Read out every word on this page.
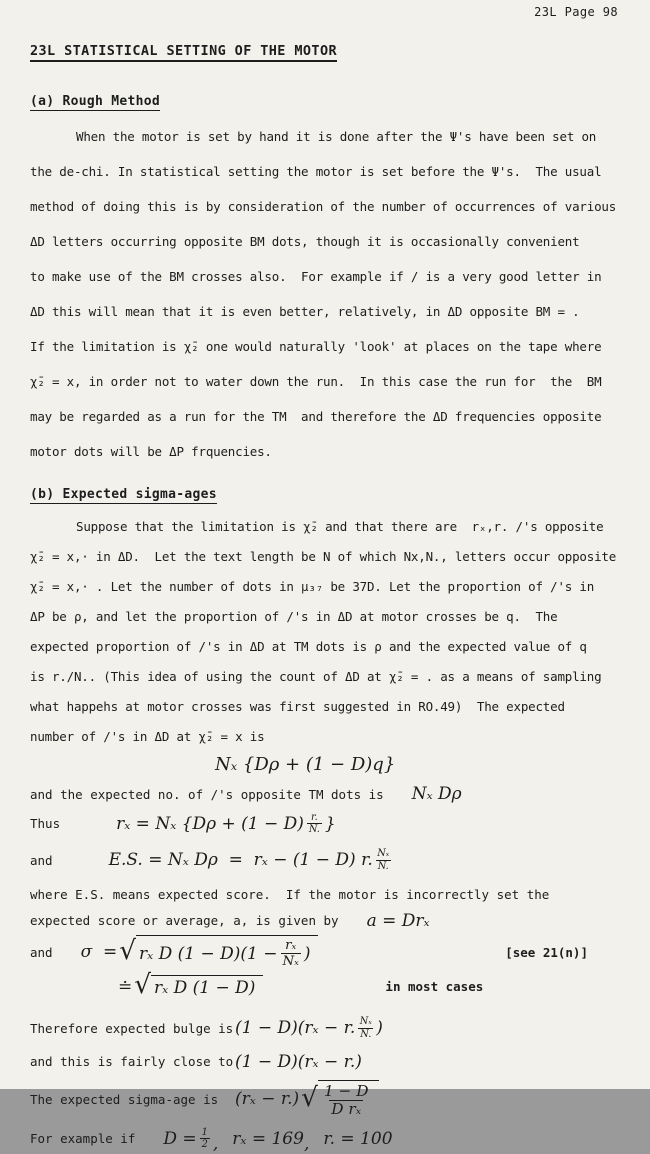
23L Page 98
23L STATISTICAL SETTING OF THE MOTOR
(a) Rough Method
When the motor is set by hand it is done after the Ψ's have been set on
the de-chi. In statistical setting the motor is set before the Ψ's.  The usual
method of doing this is by consideration of the number of occurrences of various
ΔD letters occurring opposite BM dots, though it is occasionally convenient
to make use of the BM crosses also.  For example if / is a very good letter in
ΔD this will mean that it is even better, relatively, in ΔD opposite BM = .
If the limitation is χ̄₂ one would naturally 'look' at places on the tape where
χ̄₂ = x, in order not to water down the run.  In this case the run for  the  BM
may be regarded as a run for the TM  and therefore the ΔD frequencies opposite
motor dots will be ΔP frquencies.
(b) Expected sigma-ages
Suppose that the limitation is χ̄₂ and that there are  rₓ,r. /'s opposite
χ̄₂ = x,· in ΔD.  Let the text length be N of which Nx,N., letters occur opposite
χ̄₂ = x,· . Let the number of dots in μ₃₇ be 37D. Let the proportion of /'s in
ΔP be ρ, and let the proportion of /'s in ΔD at motor crosses be q.  The
expected proportion of /'s in ΔD at TM dots is ρ and the expected value of q
is r./N.. (This idea of using the count of ΔD at χ̄₂ = . as a means of sampling
what happehs at motor crosses was first suggested in RO.49)  The expected
number of /'s in ΔD at χ̄₂ = x is
Nₓ {Dρ + (1 − D)q}
and the expected no. of /'s opposite TM dots is Nₓ Dρ
Thus	rₓ = Nₓ {$D\rho + (1 - D) \frac{r.}{N.}$ }
and	E.S. = Nₓ Dρ  =  rₓ − (1 − D) r. $\frac{\text{Nₓ}}{N.}$
where E.S. means expected score.  If the motor is incorrectly set the
expected score or average, a, is given by a = Drₓ
and σ  = √ rₓ D $(1 - D)(1 - \frac{\text{rₓ}}{\text{Nₓ}}$ )	[see 21(n)]
≐ √ rₓ D (1 − D)	in most cases
Therefore expected bulge is (1 − D)(rₓ − r. $\frac{\text{Nₓ}}{N.}$ )
and this is fairly close to (1 − D)(rₓ − r.)
The expected sigma-age is (rₓ − r.) √ $\frac{1 - D}{\text{D rₓ}}$
For example if $D = \frac{1}{2}$ , rₓ = 169 , r. = 100
